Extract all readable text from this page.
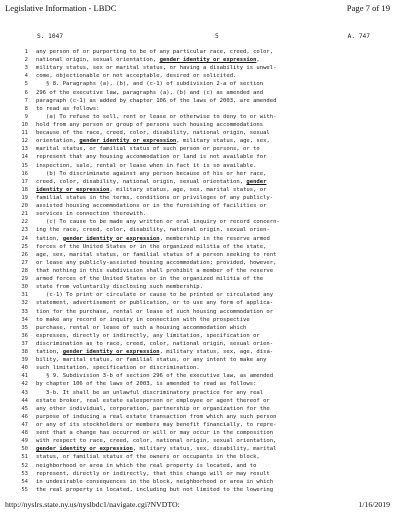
Legislative Information - LBDC	Page 7 of 19
S. 1047	5	A. 747
1	any person of or purporting to be of any particular race, creed, color,
2	national origin, sexual orientation, gender identity or expression,
3	military status, sex or marital status, or having a disability is unwel-
4	come, objectionable or not acceptable, desired or solicited.
5	§ 8. Paragraphs (a), (b), and (c-1) of subdivision 2-a of section
6	296 of the executive law, paragraphs (a), (b) and (c) as amended and
7	paragraph (c-1) as added by chapter 106 of the laws of 2003, are amended
8	to read as follows:
9	(a) To refuse to sell, rent or lease or otherwise to deny to or with-
10	hold from any person or group of persons such housing accommodations
11	because of the race, creed, color, disability, national origin, sexual
12	orientation, gender identity or expression, military status, age, sex,
13	marital status, or familial status of such person or persons, or to
14	represent that any housing accommodation or land is not available for
15	inspection, sale, rental or lease when in fact it is so available.
16	(b) To discriminate against any person because of his or her race,
17	creed, color, disability, national origin, sexual orientation, gender
18	identity or expression, military status, age, sex, marital status, or
19	familial status in the terms, conditions or privileges of any publicly-
20	assisted housing accommodations or in the furnishing of facilities or
21	services in connection therewith.
22	(c) To cause to be made any written or oral inquiry or record concern-
23	ing the race, creed, color, disability, national origin, sexual orien-
24	tation, gender identity or expression, membership in the reserve armed
25	forces of the United States or in the organized militia of the state,
26	age, sex, marital status, or familial status of a person seeking to rent
27	or lease any publicly-assisted housing accommodation; provided, however,
28	that nothing in this subdivision shall prohibit a member of the reserve
29	armed forces of the United States or in the organized militia of the
30	state from voluntarily disclosing such membership.
31	(c-1) To print or circulate or cause to be printed or circulated any
32	statement, advertisement or publication, or to use any form of applica-
33	tion for the purchase, rental or lease of such housing accommodation or
34	to make any record or inquiry in connection with the prospective
35	purchase, rental or lease of such a housing accommodation which
36	expresses, directly or indirectly, any limitation, specification or
37	discrimination as to race, creed, color, national origin, sexual orien-
38	tation, gender identity or expression, military status, sex, age, disa-
39	bility, marital status, or familial status, or any intent to make any
40	such limitation, specification or discrimination.
41	§ 9. Subdivision 3-b of section 296 of the executive law, as amended
42	by chapter 106 of the laws of 2003, is amended to read as follows:
43	3-b. It shall be an unlawful discriminatory practice for any real
44	estate broker, real estate salesperson or employee or agent thereof or
45	any other individual, corporation, partnership or organization for the
46	purpose of inducing a real estate transaction from which any such person
47	or any of its stockholders or members may benefit financially, to repre-
48	sent that a change has occurred or will or may occur in the composition
49	with respect to race, creed, color, national origin, sexual orientation,
50	gender identity or expression, military status, sex, disability, marital
51	status, or familial status of the owners or occupants in the block,
52	neighborhood or area in which the real property is located, and to
53	represent, directly or indirectly, that this change will or may result
54	in undesirable consequences in the block, neighborhood or area in which
55	the real property is located, including but not limited to the lowering
http://nyslrs.state.ny.us/nyslbdc1/navigate.cgi?NVDTO:	1/16/2019
